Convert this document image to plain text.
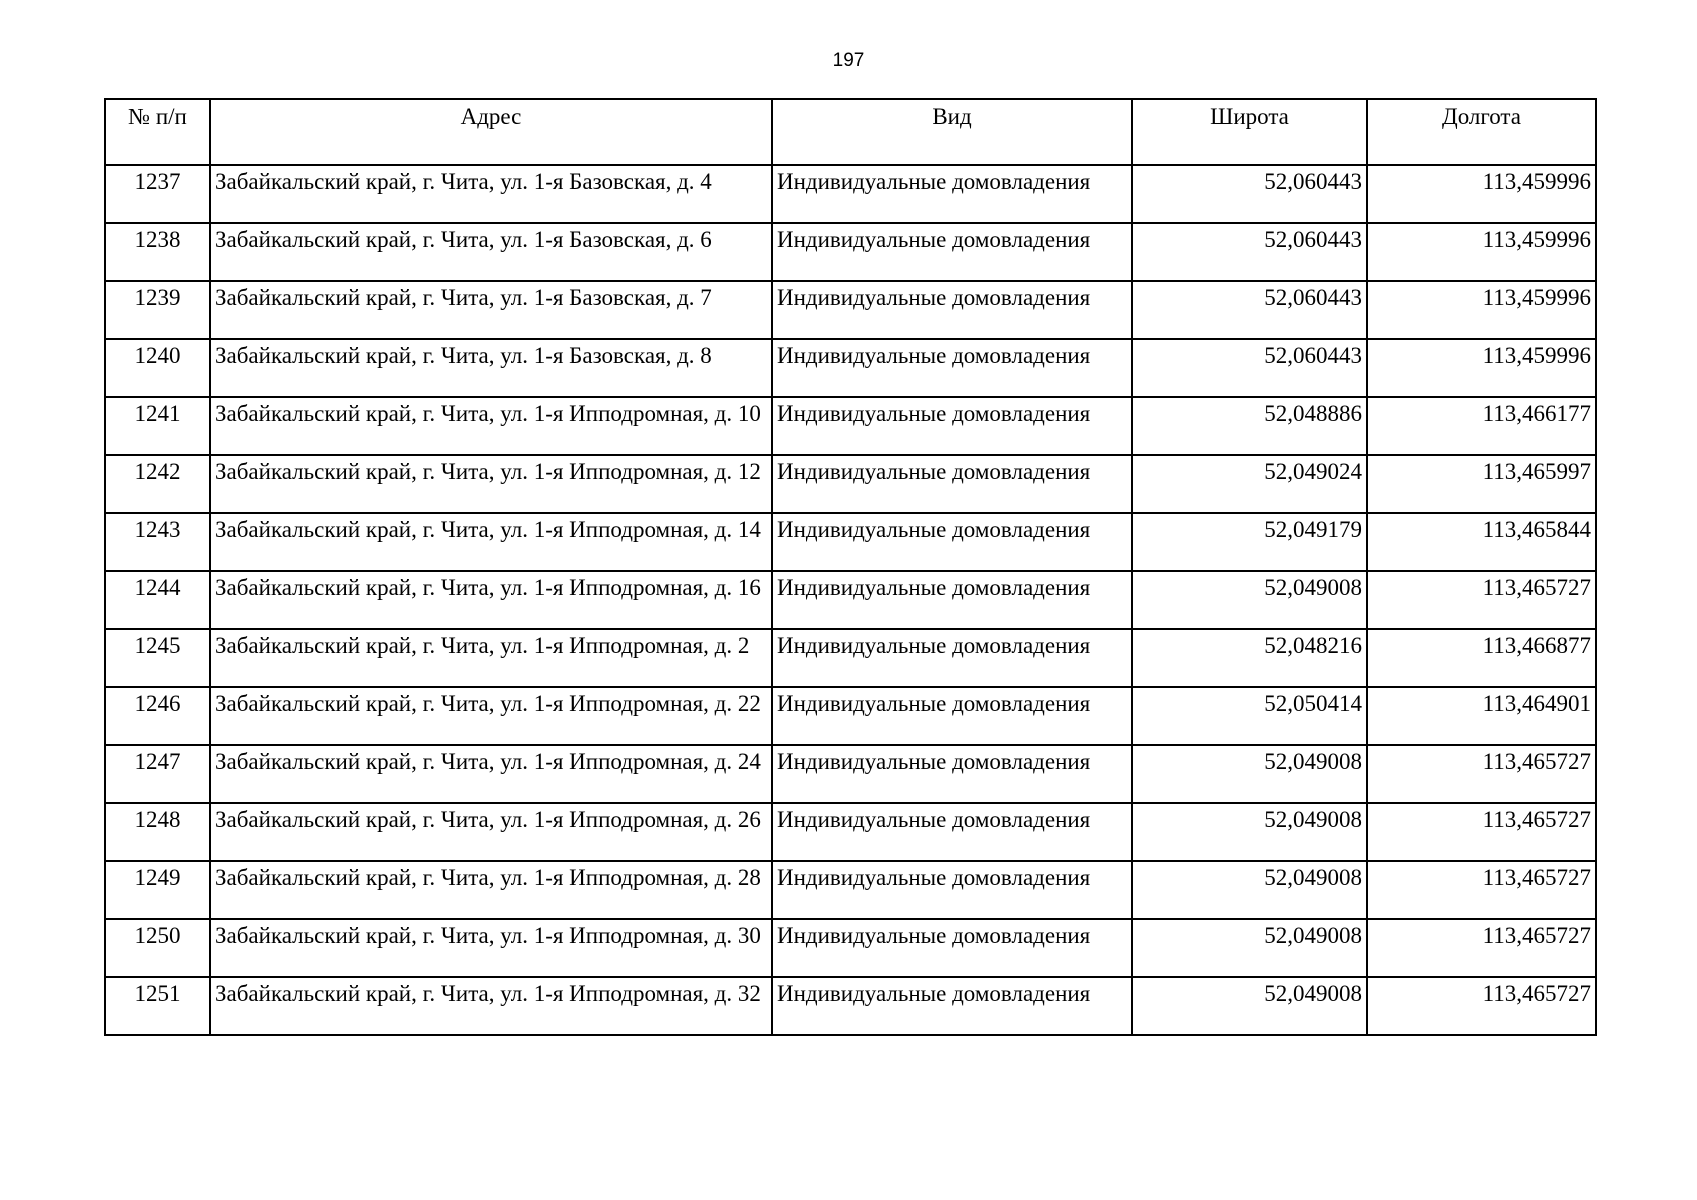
197
№ п/п	Адрес	Вид	Широта	Долгота
1237	Забайкальский край, г. Чита, ул. 1-я Базовская, д. 4	Индивидуальные домовладения	52,060443	113,459996
1238	Забайкальский край, г. Чита, ул. 1-я Базовская, д. 6	Индивидуальные домовладения	52,060443	113,459996
1239	Забайкальский край, г. Чита, ул. 1-я Базовская, д. 7	Индивидуальные домовладения	52,060443	113,459996
1240	Забайкальский край, г. Чита, ул. 1-я Базовская, д. 8	Индивидуальные домовладения	52,060443	113,459996
1241	Забайкальский край, г. Чита, ул. 1-я Ипподромная, д. 10	Индивидуальные домовладения	52,048886	113,466177
1242	Забайкальский край, г. Чита, ул. 1-я Ипподромная, д. 12	Индивидуальные домовладения	52,049024	113,465997
1243	Забайкальский край, г. Чита, ул. 1-я Ипподромная, д. 14	Индивидуальные домовладения	52,049179	113,465844
1244	Забайкальский край, г. Чита, ул. 1-я Ипподромная, д. 16	Индивидуальные домовладения	52,049008	113,465727
1245	Забайкальский край, г. Чита, ул. 1-я Ипподромная, д. 2	Индивидуальные домовладения	52,048216	113,466877
1246	Забайкальский край, г. Чита, ул. 1-я Ипподромная, д. 22	Индивидуальные домовладения	52,050414	113,464901
1247	Забайкальский край, г. Чита, ул. 1-я Ипподромная, д. 24	Индивидуальные домовладения	52,049008	113,465727
1248	Забайкальский край, г. Чита, ул. 1-я Ипподромная, д. 26	Индивидуальные домовладения	52,049008	113,465727
1249	Забайкальский край, г. Чита, ул. 1-я Ипподромная, д. 28	Индивидуальные домовладения	52,049008	113,465727
1250	Забайкальский край, г. Чита, ул. 1-я Ипподромная, д. 30	Индивидуальные домовладения	52,049008	113,465727
1251	Забайкальский край, г. Чита, ул. 1-я Ипподромная, д. 32	Индивидуальные домовладения	52,049008	113,465727
